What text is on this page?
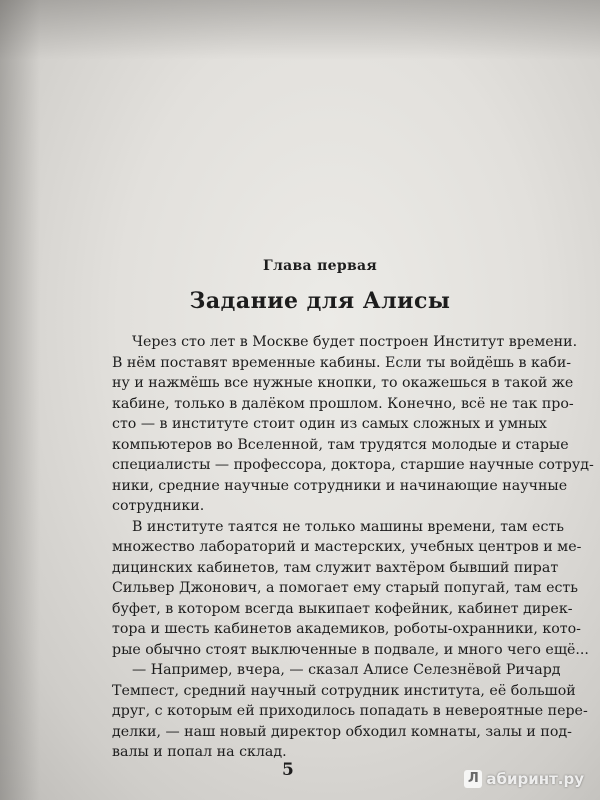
Глава первая
Задание для Алисы
Через сто лет в Москве будет построен Институт времени.
В нём поставят временные кабины. Если ты войдёшь в каби-
ну и нажмёшь все нужные кнопки, то окажешься в такой же
кабине, только в далёком прошлом. Конечно, всё не так про-
сто — в институте стоит один из самых сложных и умных
компьютеров во Вселенной, там трудятся молодые и старые
специалисты — профессора, доктора, старшие научные сотруд-
ники, средние научные сотрудники и начинающие научные
сотрудники.
В институте таятся не только машины времени, там есть
множество лабораторий и мастерских, учебных центров и ме-
дицинских кабинетов, там служит вахтёром бывший пират
Сильвер Джонович, а помогает ему старый попугай, там есть
буфет, в котором всегда выкипает кофейник, кабинет дирек-
тора и шесть кабинетов академиков, роботы-охранники, кото-
рые обычно стоят выключенные в подвале, и много чего ещё...
— Например, вчера, — сказал Алисе Селезнёвой Ричард
Темпест, средний научный сотрудник института, её большой
друг, с которым ей приходилось попадать в невероятные пере-
делки, — наш новый директор обходил комнаты, залы и под-
валы и попал на склад.
5	Л абиринт.ру
